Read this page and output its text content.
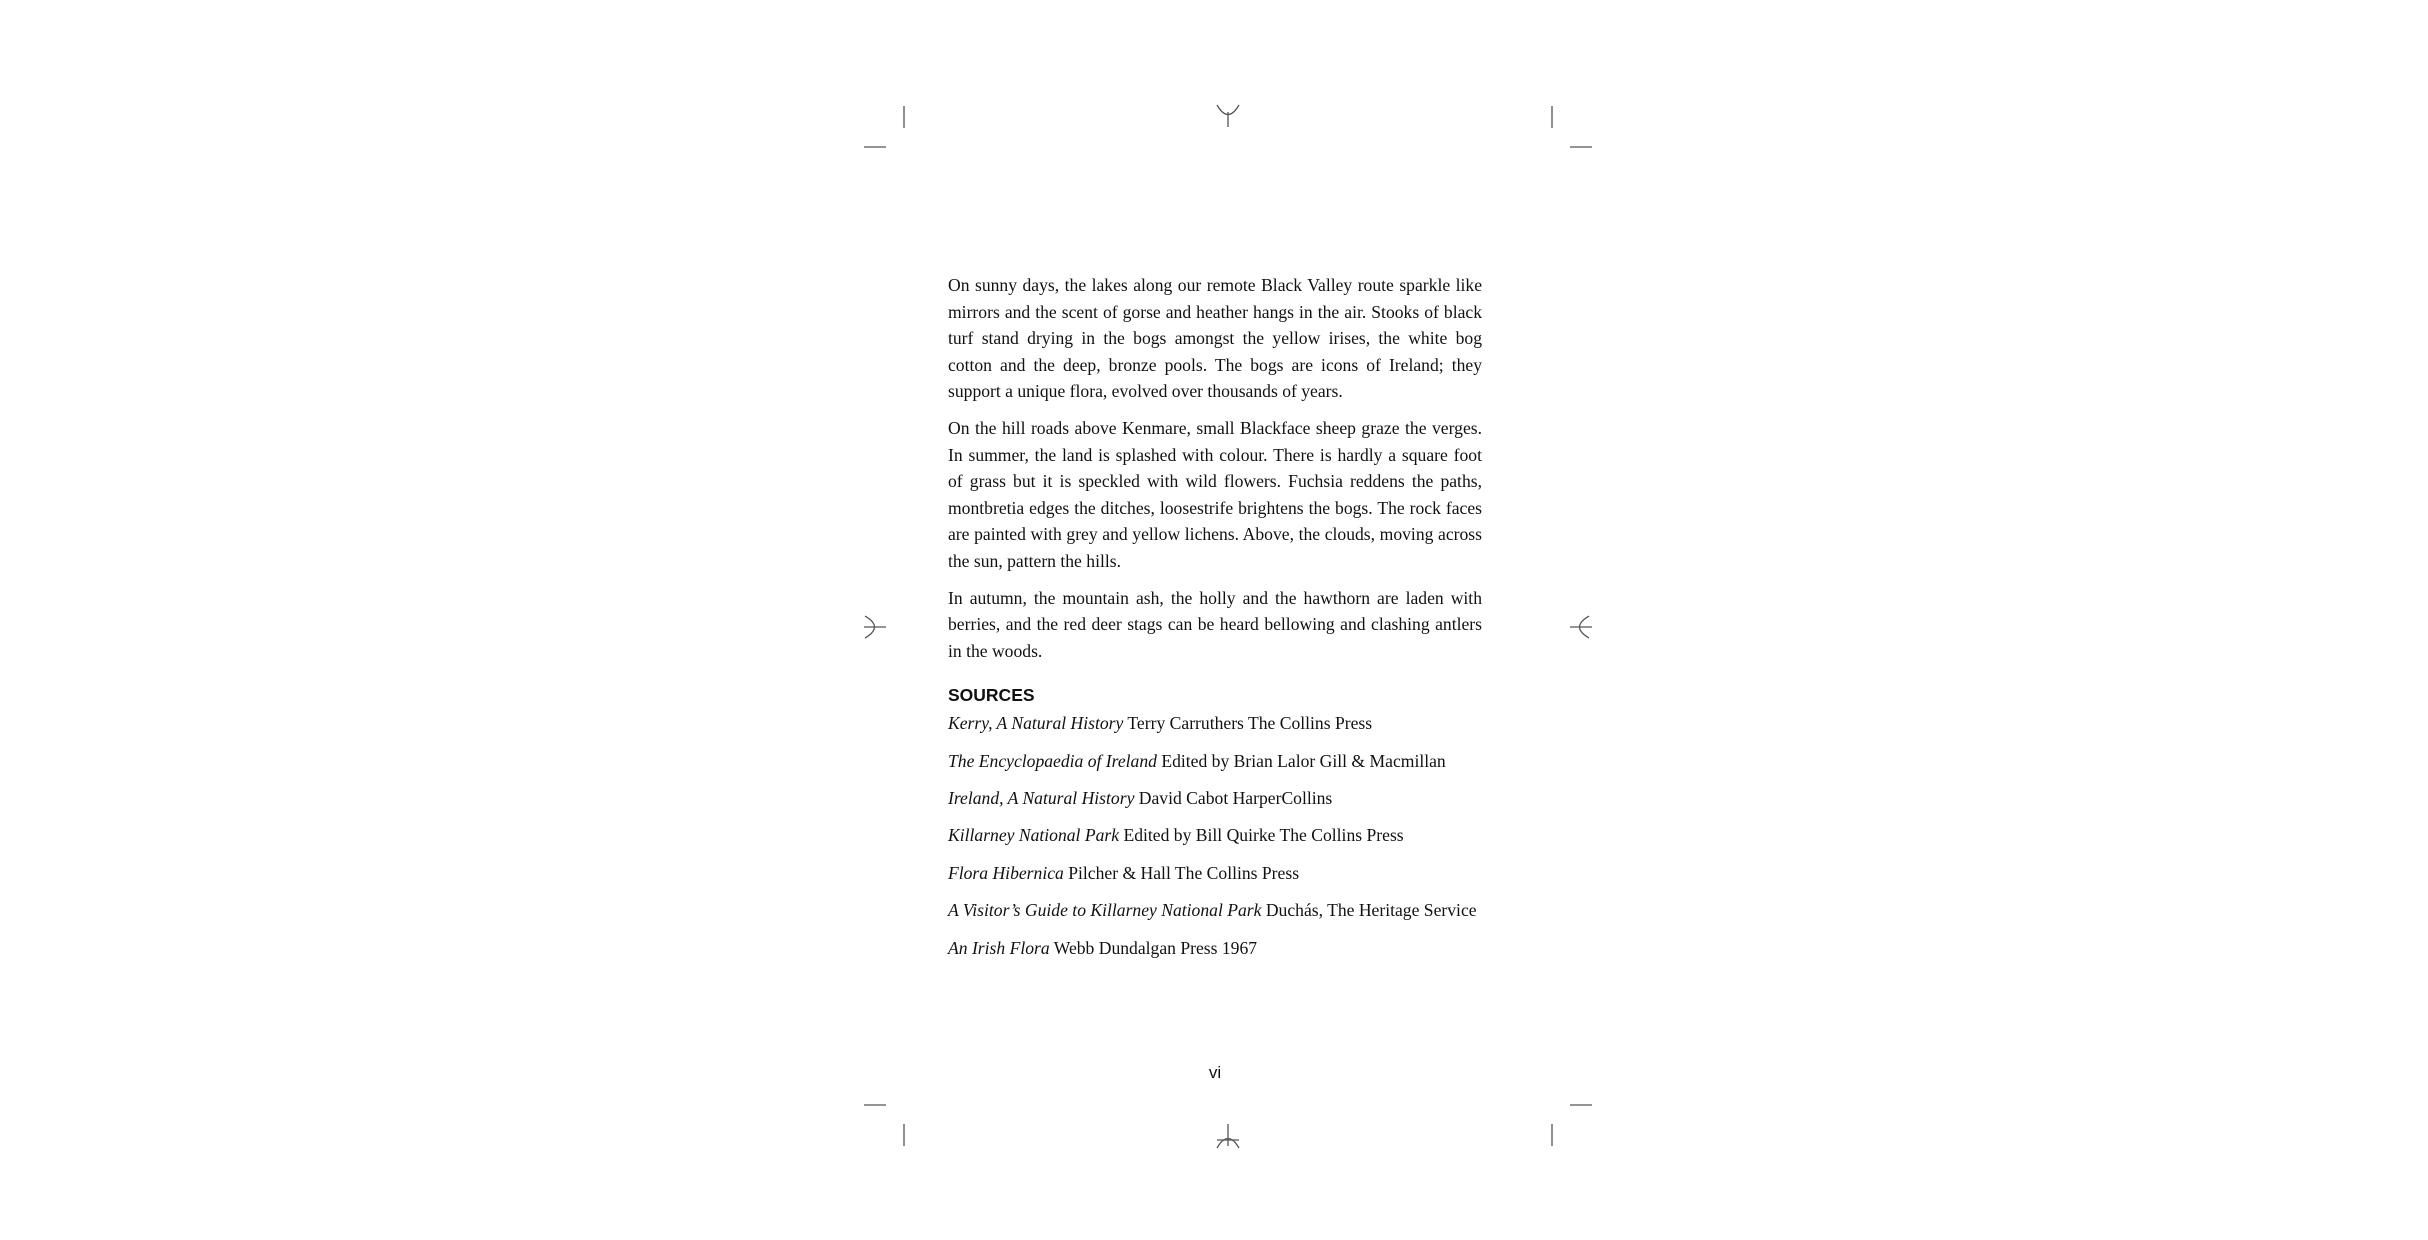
On sunny days, the lakes along our remote Black Valley route sparkle like mirrors and the scent of gorse and heather hangs in the air. Stooks of black turf stand drying in the bogs amongst the yellow irises, the white bog cotton and the deep, bronze pools. The bogs are icons of Ireland; they support a unique flora, evolved over thousands of years.

On the hill roads above Kenmare, small Blackface sheep graze the verges. In summer, the land is splashed with colour. There is hardly a square foot of grass but it is speckled with wild flowers. Fuchsia reddens the paths, montbretia edges the ditches, loosestrife brightens the bogs. The rock faces are painted with grey and yellow lichens. Above, the clouds, moving across the sun, pattern the hills.

In autumn, the mountain ash, the holly and the hawthorn are laden with berries, and the red deer stags can be heard bellowing and clashing antlers in the woods.

SOURCES

Kerry, A Natural History Terry Carruthers The Collins Press

The Encyclopaedia of Ireland Edited by Brian Lalor Gill & Macmillan

Ireland, A Natural History David Cabot HarperCollins

Killarney National Park Edited by Bill Quirke The Collins Press

Flora Hibernica Pilcher & Hall The Collins Press

A Visitor’s Guide to Killarney National Park Duchás, The Heritage Service

An Irish Flora Webb Dundalgan Press 1967

vi
